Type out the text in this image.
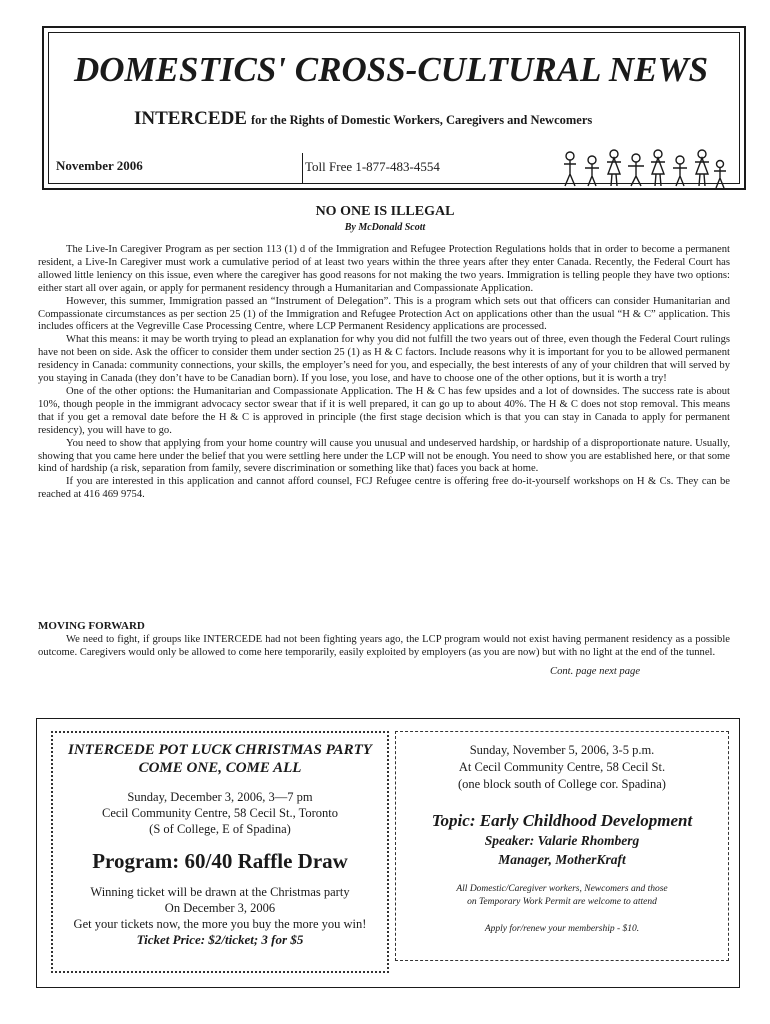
DOMESTICS' CROSS-CULTURAL NEWS
INTERCEDE for the Rights of Domestic Workers, Caregivers and Newcomers
November 2006	Toll Free 1-877-483-4554
NO ONE IS ILLEGAL
By McDonald Scott

The Live-In Caregiver Program as per section 113 (1) d of the Immigration and Refugee Protection Regulations holds that in order to become a permanent resident, a Live-In Caregiver must work a cumulative period of at least two years within the three years after they enter Canada. Recently, the Federal Court has allowed little leniency on this issue, even where the caregiver has good reasons for not making the two years. Immigration is telling people they have two options: either start all over again, or apply for permanent residency through a Humanitarian and Compassionate Application.

However, this summer, Immigration passed an “Instrument of Delegation”. This is a program which sets out that officers can consider Humanitarian and Compassionate circumstances as per section 25 (1) of the Immigration and Refugee Protection Act on applications other than the usual “H & C” application. This includes officers at the Vegreville Case Processing Centre, where LCP Permanent Residency applications are processed.

What this means: it may be worth trying to plead an explanation for why you did not fulfill the two years out of three, even though the Federal Court rulings have not been on side. Ask the officer to consider them under section 25 (1) as H & C factors. Include reasons why it is important for you to be allowed permanent residency in Canada: community connections, your skills, the employer’s need for you, and especially, the best interests of any of your children that will served by you staying in Canada (they don’t have to be Canadian born). If you lose, you lose, and have to choose one of the other options, but it is worth a try!

One of the other options: the Humanitarian and Compassionate Application. The H & C has few upsides and a lot of downsides. The success rate is about 10%, though people in the immigrant advocacy sector swear that if it is well prepared, it can go up to about 40%. The H & C does not stop removal. This means that if you get a removal date before the H & C is approved in principle (the first stage decision which is that you can stay in Canada to apply for permanent residency), you will have to go.

You need to show that applying from your home country will cause you unusual and undeserved hardship, or hardship of a disproportionate nature. Usually, showing that you came here under the belief that you were settling here under the LCP will not be enough. You need to show you are established here, or that some kind of hardship (a risk, separation from family, severe discrimination or something like that) faces you back at home.

If you are interested in this application and cannot afford counsel, FCJ Refugee centre is offering free do-it-yourself workshops on H & Cs. They can be reached at 416 469 9754.

MOVING FORWARD

We need to fight, if groups like INTERCEDE had not been fighting years ago, the LCP program would not exist having permanent residency as a possible outcome. Caregivers would only be allowed to come here temporarily, easily exploited by employers (as you are now) but with no light at the end of the tunnel.

Cont. page next page
INTERCEDE POT LUCK CHRISTMAS PARTY
COME ONE, COME ALL
Sunday, December 3, 2006, 3—7 pm
Cecil Community Centre, 58 Cecil St., Toronto
(S of College, E of Spadina)
Program: 60/40 Raffle Draw
Winning ticket will be drawn at the Christmas party
On December 3, 2006
Get your tickets now, the more you buy the more you win!
Ticket Price: $2/ticket; 3 for $5
Sunday, November 5, 2006, 3-5 p.m.
At Cecil Community Centre, 58 Cecil St.
(one block south of College cor. Spadina)
Topic: Early Childhood Development
Speaker: Valarie Rhomberg
Manager, MotherKraft
All Domestic/Caregiver workers, Newcomers and those
on Temporary Work Permit are welcome to attend
Apply for/renew your membership - $10.
